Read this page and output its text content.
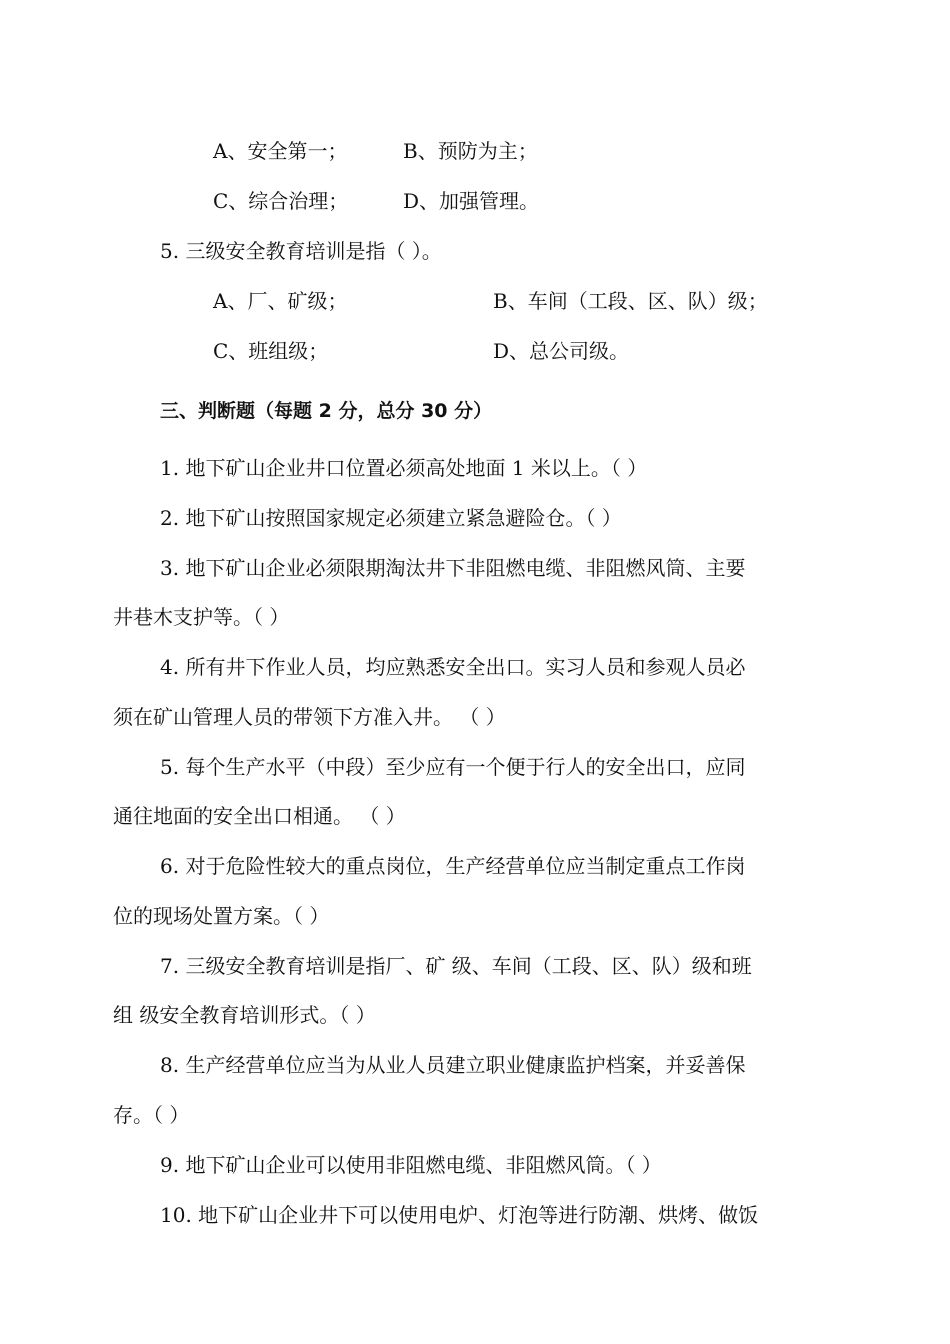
A、安全第一；	B、预防为主；
C、综合治理；	D、加强管理。
5. 三级安全教育培训是指（ ）。
A、厂、矿级；	B、车间（工段、区、队）级；
C、班组级；	D、总公司级。
三、判断题（每题 2 分，总分 30 分）
1. 地下矿山企业井口位置必须高处地面 1 米以上。（ ）
2. 地下矿山按照国家规定必须建立紧急避险仓。（ ）
3. 地下矿山企业必须限期淘汰井下非阻燃电缆、非阻燃风筒、主要
井巷木支护等。（ ）
4. 所有井下作业人员，均应熟悉安全出口。实习人员和参观人员必
须在矿山管理人员的带领下方准入井。 （ ）
5. 每个生产水平（中段）至少应有一个便于行人的安全出口，应同
通往地面的安全出口相通。 （ ）
6. 对于危险性较大的重点岗位，生产经营单位应当制定重点工作岗
位的现场处置方案。（ ）
7. 三级安全教育培训是指厂、矿 级、车间（工段、区、队）级和班
组 级安全教育培训形式。（ ）
8. 生产经营单位应当为从业人员建立职业健康监护档案，并妥善保
存。（ ）
9. 地下矿山企业可以使用非阻燃电缆、非阻燃风筒。（ ）
10. 地下矿山企业井下可以使用电炉、灯泡等进行防潮、烘烤、做饭
